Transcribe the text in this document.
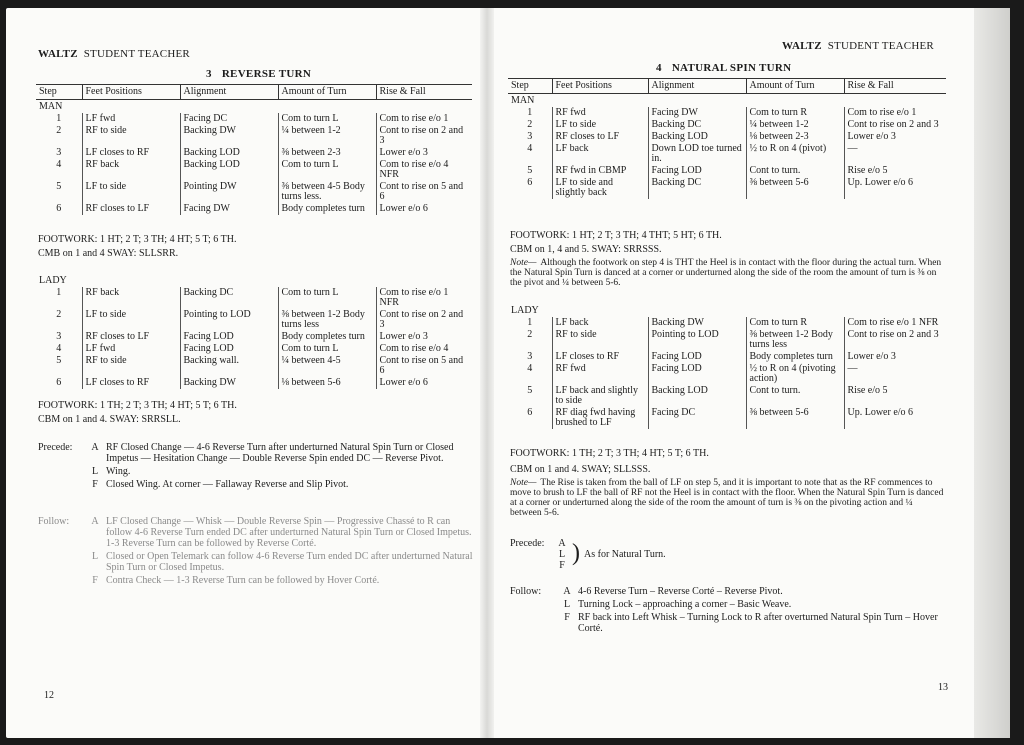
WALTZ STUDENT TEACHER
3 REVERSE TURN
Step	Feet Positions	Alignment	Amount of Turn	Rise & Fall
MAN				
1	LF fwd	Facing DC	Com to turn L	Com to rise e/o 1
2	RF to side	Backing DW	¼ between 1-2	Cont to rise on 2 and 3
3	LF closes to RF	Backing LOD	⅜ between 2-3	Lower e/o 3
4	RF back	Backing LOD	Com to turn L	Com to rise e/o 4 NFR
5	LF to side	Pointing DW	⅜ between 4-5 Body turns less.	Cont to rise on 5 and 6
6	RF closes to LF	Facing DW	Body completes turn	Lower e/o 6
FOOTWORK: 1 HT; 2 T; 3 TH; 4 HT; 5 T; 6 TH.
CMB on 1 and 4 SWAY: SLLSRR.
LADY				
1	RF back	Backing DC	Com to turn L	Com to rise e/o 1 NFR
2	LF to side	Pointing to LOD	⅜ between 1-2 Body turns less	Cont to rise on 2 and 3
3	RF closes to LF	Facing LOD	Body completes turn	Lower e/o 3
4	LF fwd	Facing LOD	Com to turn L	Com to rise e/o 4
5	RF to side	Backing wall.	¼ between 4-5	Cont to rise on 5 and 6
6	LF closes to RF	Backing DW	⅛ between 5-6	Lower e/o 6
FOOTWORK: 1 TH; 2 T; 3 TH; 4 HT; 5 T; 6 TH.
CBM on 1 and 4. SWAY: SRRSLL.
Precede:	A RF Closed Change — 4-6 Reverse Turn after underturned Natural Spin Turn or Closed Impetus — Hesitation Change — Double Reverse Spin ended DC — Reverse Pivot.
L Wing.
F Closed Wing. At corner — Fallaway Reverse and Slip Pivot.
Follow:	A LF Closed Change — Whisk — Double Reverse Spin — Progressive Chassé to R can follow 4-6 Reverse Turn ended DC after underturned Natural Spin Turn or Closed Impetus. 1-3 Reverse Turn can be followed by Reverse Corté.
L Closed or Open Telemark can follow 4-6 Reverse Turn ended DC after underturned Natural Spin Turn or Closed Impetus.
F Contra Check — 1-3 Reverse Turn can be followed by Hover Corté.
12
WALTZ STUDENT TEACHER
4 NATURAL SPIN TURN
Step	Feet Positions	Alignment	Amount of Turn	Rise & Fall
MAN				
1	RF fwd	Facing DW	Com to turn R	Com to rise e/o 1
2	LF to side	Backing DC	¼ between 1-2	Cont to rise on 2 and 3
3	RF closes to LF	Backing LOD	⅛ between 2-3	Lower e/o 3
4	LF back	Down LOD toe turned in.	½ to R on 4 (pivot)	—
5	RF fwd in CBMP	Facing LOD	Cont to turn.	Rise e/o 5
6	LF to side and slightly back	Backing DC	⅜ between 5-6	Up. Lower e/o 6
FOOTWORK: 1 HT; 2 T; 3 TH; 4 THT; 5 HT; 6 TH.
CBM on 1, 4 and 5. SWAY: SRRSSS.
Note— Although the footwork on step 4 is THT the Heel is in contact with the floor during the actual turn. When the Natural Spin Turn is danced at a corner or underturned along the side of the room the amount of turn is ⅜ on the pivot and ¼ between 5-6.
LADY				
1	LF back	Backing DW	Com to turn R	Com to rise e/o 1 NFR
2	RF to side	Pointing to LOD	⅜ between 1-2 Body turns less	Cont to rise on 2 and 3
3	LF closes to RF	Facing LOD	Body completes turn	Lower e/o 3
4	RF fwd	Facing LOD	½ to R on 4 (pivoting action)	—
5	LF back and slightly to side	Backing LOD	Cont to turn.	Rise e/o 5
6	RF diag fwd having brushed to LF	Facing DC	⅜ between 5-6	Up. Lower e/o 6
FOOTWORK: 1 TH; 2 T; 3 TH; 4 HT; 5 T; 6 TH.
CBM on 1 and 4. SWAY; SLLSSS.
Note— The Rise is taken from the ball of LF on step 5, and it is important to note that as the RF commences to move to brush to LF the ball of RF not the Heel is in contact with the floor. When the Natural Spin Turn is danced at a corner or underturned along the side of the room the amount of turn is ⅜ on the pivoting action and ¼ between 5-6.
Precede:	A
L
F ) As for Natural Turn.
Follow:	A 4-6 Reverse Turn – Reverse Corté – Reverse Pivot.
L Turning Lock – approaching a corner – Basic Weave.
F RF back into Left Whisk – Turning Lock to R after overturned Natural Spin Turn – Hover Corté.
13
